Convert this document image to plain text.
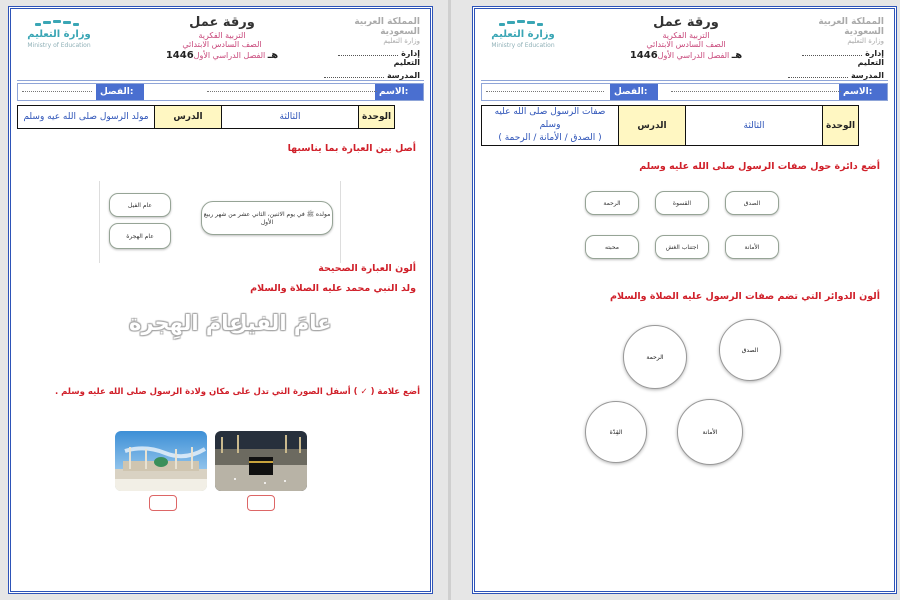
وزارة التعليم
Ministry of Education
ورقة عمل
التربية الفكرية
الصف السادس الابتدائي
1446هـ الفصل الدراسي الأول
المملكة العربية السعودية
وزارة التعليم
إدارة التعليم
المدرسة
الاسم:
الفصل:
مولد الرسول صلى الله عيه وسلم	الدرس	الثالثة	الوحدة
أصل بين العبارة بما يناسبها
مولده ﷺ في يوم الاثنين، الثاني عشر من شهر ربيع الأول
عام الفيل
عام الهجرة
ألون العبارة الصحيحة
ولد النبي محمد عليه الصلاة والسلام
عامَ الفيل
عامَ الهِجرة
أضع علامة ( ✓ ) أسفل الصورة التي تدل على مكان ولادة الرسول صلى الله عليه وسلم .
وزارة التعليم
Ministry of Education
ورقة عمل
التربية الفكرية
الصف السادس الابتدائي
1446هـ الفصل الدراسي الأول
المملكة العربية السعودية
وزارة التعليم
إدارة التعليم
المدرسة
الاسم:
الفصل:
صفات الرسول صلى الله عليه وسلم
( الصدق / الأمانة / الرحمة )
	الدرس	الثالثة	الوحدة
أضع دائرة حول صفات الرسول صلى الله عليه وسلم
الصدق
القسوة
الرحمة
الأمانة
اجتناب الغش
محبته
ألون الدوائر التي تضم صفات الرسول عليه الصلاة والسلام
الصدق
الرحمة
الأمانة
القِدّة
